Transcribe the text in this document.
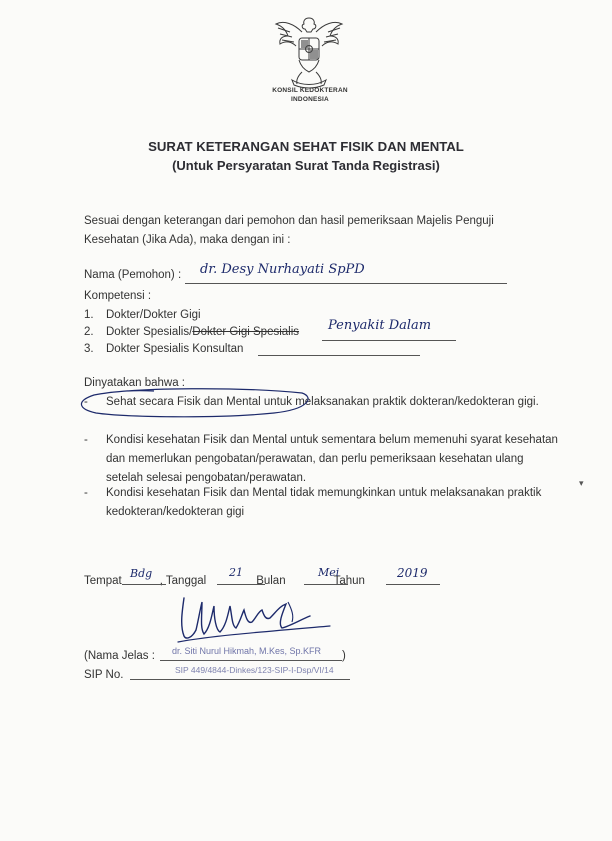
KONSIL KEDOKTERAN
INDONESIA
SURAT KETERANGAN SEHAT FISIK DAN MENTAL
(Untuk Persyaratan Surat Tanda Registrasi)
Sesuai dengan keterangan dari pemohon dan hasil pemeriksaan Majelis Penguji
Kesehatan (Jika Ada), maka dengan ini :
Nama (Pemohon) : dr. Desy Nurhayati SpPD
Kompetensi :
1. Dokter/Dokter Gigi
2. Dokter Spesialis/Dokter Gigi Spesialis Penyakit Dalam
3. Dokter Spesialis Konsultan
Dinyatakan bahwa :
- Sehat secara Fisik dan Mental untuk melaksanakan praktik dokteran/kedokteran gigi.
- Kondisi kesehatan Fisik dan Mental untuk sementara belum memenuhi syarat kesehatan dan memerlukan pengobatan/perawatan, dan perlu pemeriksaan kesehatan ulang setelah selesai pengobatan/perawatan.
- Kondisi kesehatan Fisik dan Mental tidak memungkinkan untuk melaksanakan praktik kedokteran/kedokteran gigi
Tempat	, Tanggal	Bulan	Tahun
Bdg	21	Mei	2019
(Nama Jelas : dr. Siti Nurul Hikmah, M.Kes, Sp.KFR )
SIP No.	SIP 449/4844-Dinkes/123-SIP-I-Dsp/VI/14
▾
